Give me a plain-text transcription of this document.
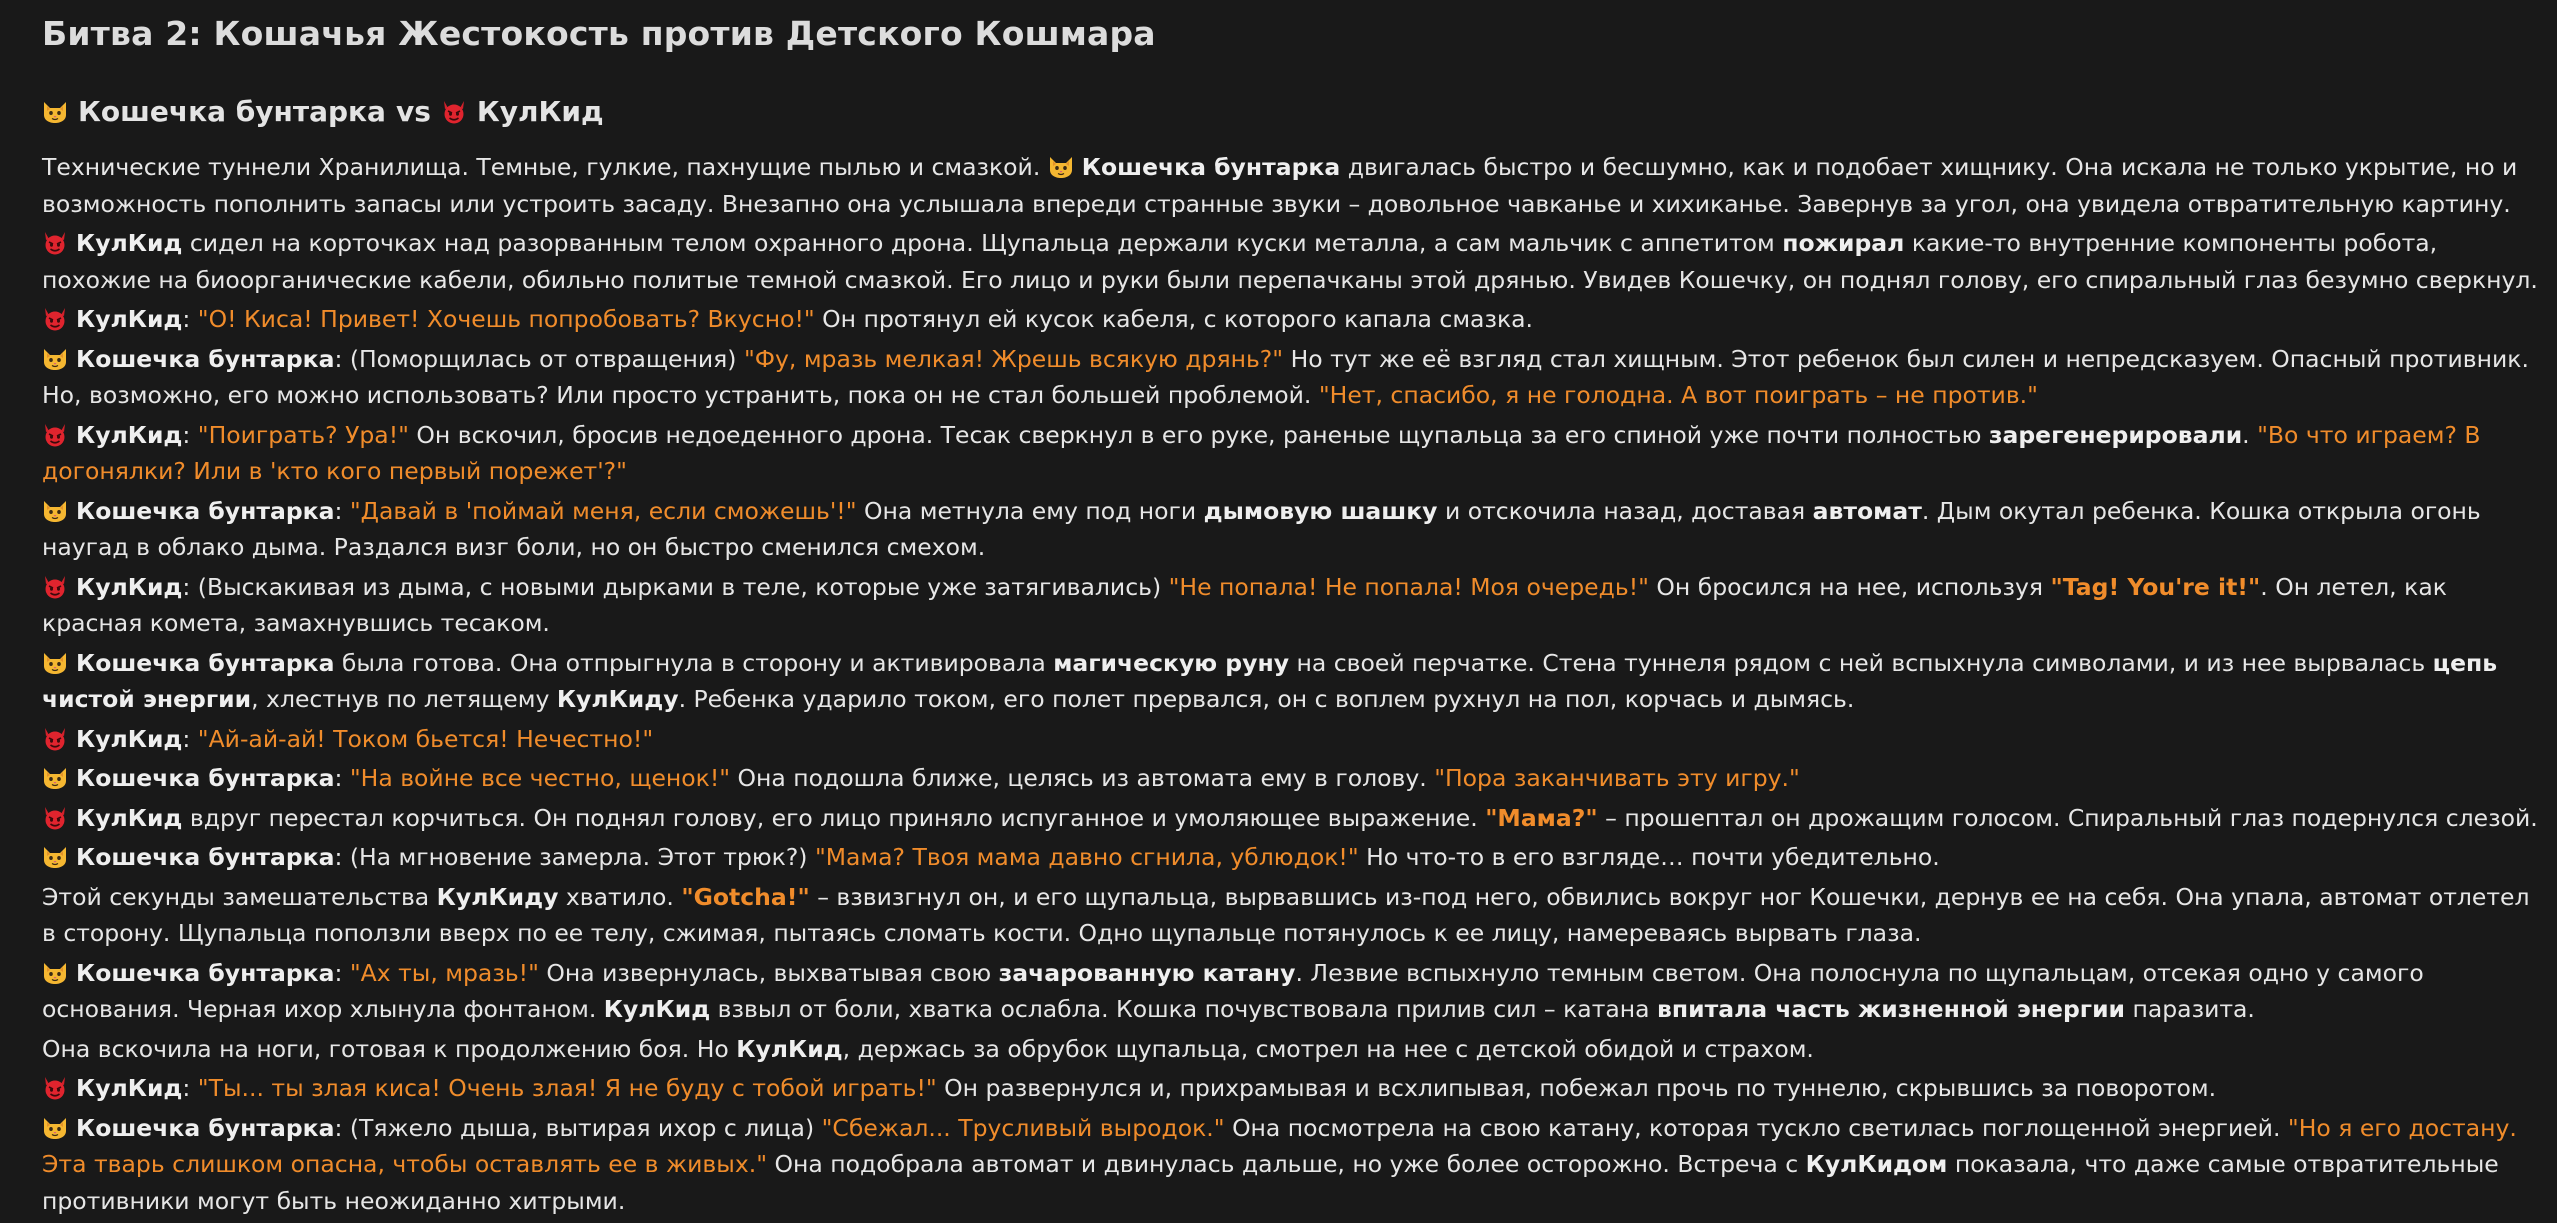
Битва 2: Кошачья Жестокость против Детского Кошмара
Кошечка бунтарка vs КулКид
Технические туннели Хранилища. Темные, гулкие, пахнущие пылью и смазкой.
Кошечка бунтарка двигалась быстро и бесшумно, как и подобает хищнику. Она искала не только укрытие, но и возможность пополнить запасы или устроить засаду. Внезапно она услышала впереди странные звуки – довольное чавканье и хихиканье. Завернув за угол, она увидела отвратительную картину.
КулКид сидел на корточках над разорванным телом охранного дрона. Щупальца держали куски металла, а сам мальчик с аппетитом пожирал какие-то внутренние компоненты робота, похожие на биоорганические кабели, обильно политые темной смазкой. Его лицо и руки были перепачканы этой дрянью. Увидев Кошечку, он поднял голову, его спиральный глаз безумно сверкнул.
КулКид: "О! Киса! Привет! Хочешь попробовать? Вкусно!" Он протянул ей кусок кабеля, с которого капала смазка.
Кошечка бунтарка: (Поморщилась от отвращения) "Фу, мразь мелкая! Жрешь всякую дрянь?" Но тут же её взгляд стал хищным. Этот ребенок был силен и непредсказуем. Опасный противник. Но, возможно, его можно использовать? Или просто устранить, пока он не стал большей проблемой. "Нет, спасибо, я не голодна. А вот поиграть – не против."
КулКид: "Поиграть? Ура!" Он вскочил, бросив недоеденного дрона. Тесак сверкнул в его руке, раненые щупальца за его спиной уже почти полностью зарегенерировали. "Во что играем? В догонялки? Или в 'кто кого первый порежет'?"
Кошечка бунтарка: "Давай в 'поймай меня, если сможешь'!" Она метнула ему под ноги дымовую шашку и отскочила назад, доставая автомат. Дым окутал ребенка. Кошка открыла огонь наугад в облако дыма. Раздался визг боли, но он быстро сменился смехом.
КулКид: (Выскакивая из дыма, с новыми дырками в теле, которые уже затягивались) "Не попала! Не попала! Моя очередь!" Он бросился на нее, используя "Tag! You're it!". Он летел, как красная комета, замахнувшись тесаком.
Кошечка бунтарка была готова. Она отпрыгнула в сторону и активировала магическую руну на своей перчатке. Стена туннеля рядом с ней вспыхнула символами, и из нее вырвалась цепь чистой энергии, хлестнув по летящему КулКиду. Ребенка ударило током, его полет прервался, он с воплем рухнул на пол, корчась и дымясь.
КулКид: "Ай-ай-ай! Током бьется! Нечестно!"
Кошечка бунтарка: "На войне все честно, щенок!" Она подошла ближе, целясь из автомата ему в голову. "Пора заканчивать эту игру."
КулКид вдруг перестал корчиться. Он поднял голову, его лицо приняло испуганное и умоляющее выражение. "Мама?" – прошептал он дрожащим голосом. Спиральный глаз подернулся слезой.
Кошечка бунтарка: (На мгновение замерла. Этот трюк?) "Мама? Твоя мама давно сгнила, ублюдок!" Но что-то в его взгляде… почти убедительно.
Этой секунды замешательства КулКиду хватило. "Gotcha!" – взвизгнул он, и его щупальца, вырвавшись из-под него, обвились вокруг ног Кошечки, дернув ее на себя. Она упала, автомат отлетел в сторону. Щупальца поползли вверх по ее телу, сжимая, пытаясь сломать кости. Одно щупальце потянулось к ее лицу, намереваясь вырвать глаза.
Кошечка бунтарка: "Ах ты, мразь!" Она извернулась, выхватывая свою зачарованную катану. Лезвие вспыхнуло темным светом. Она полоснула по щупальцам, отсекая одно у самого основания. Черная ихор хлынула фонтаном. КулКид взвыл от боли, хватка ослабла. Кошка почувствовала прилив сил – катана впитала часть жизненной энергии паразита.
Она вскочила на ноги, готовая к продолжению боя. Но КулКид, держась за обрубок щупальца, смотрел на нее с детской обидой и страхом.
КулКид: "Ты... ты злая киса! Очень злая! Я не буду с тобой играть!" Он развернулся и, прихрамывая и всхлипывая, побежал прочь по туннелю, скрывшись за поворотом.
Кошечка бунтарка: (Тяжело дыша, вытирая ихор с лица) "Сбежал... Трусливый выродок." Она посмотрела на свою катану, которая тускло светилась поглощенной энергией. "Но я его достану. Эта тварь слишком опасна, чтобы оставлять ее в живых." Она подобрала автомат и двинулась дальше, но уже более осторожно. Встреча с КулКидом показала, что даже самые отвратительные противники могут быть неожиданно хитрыми.
